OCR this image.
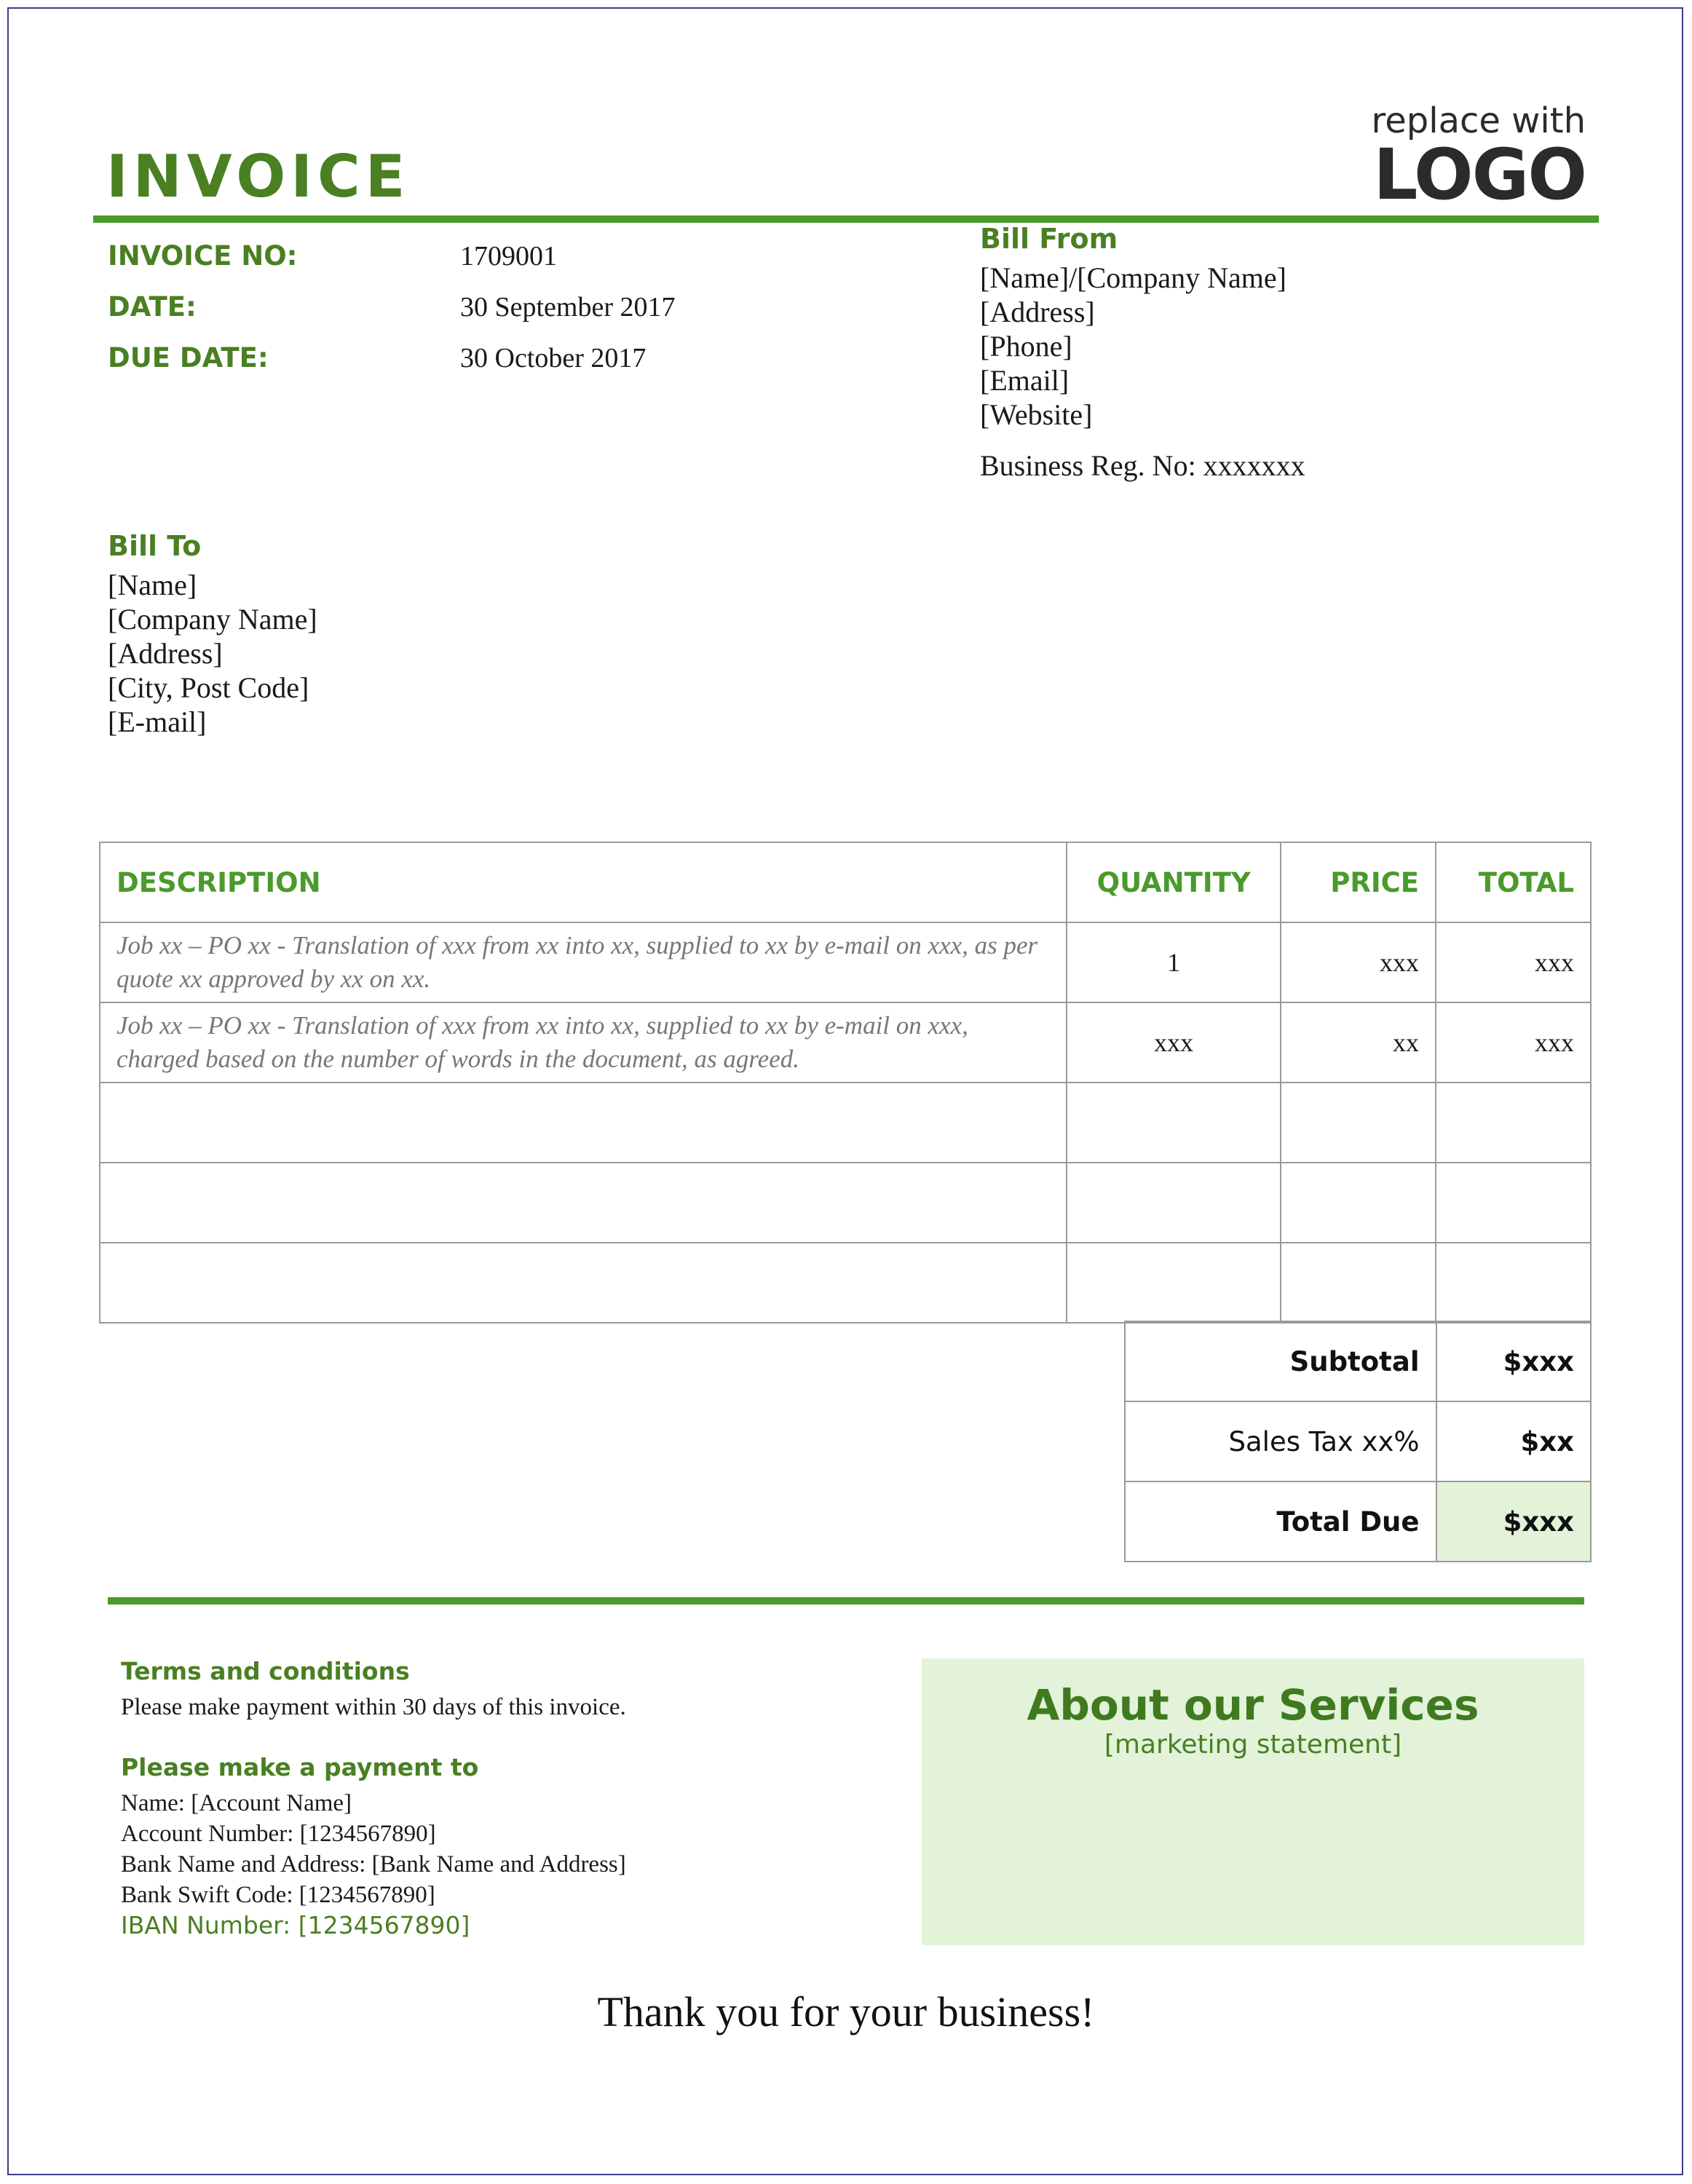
INVOICE
replace with
LOGO
INVOICE NO:	1709001
DATE:	30 September 2017
DUE DATE:	30 October 2017
Bill From
[Name]/[Company Name]
[Address]
[Phone]
[Email]
[Website]
Business Reg. No: xxxxxxx
Bill To
[Name]
[Company Name]
[Address]
[City, Post Code]
[E-mail]
DESCRIPTION	QUANTITY	PRICE	TOTAL
Job xx – PO xx - Translation of xxx from xx into xx, supplied to xx by e-mail on xxx, as per quote xx approved by xx on xx.	1	xxx	xxx
Job xx – PO xx - Translation of xxx from xx into xx, supplied to xx by e-mail on xxx, charged based on the number of words in the document, as agreed.	xxx	xx	xxx

Subtotal	$xxx
Sales Tax xx%	$xx
Total Due	$xxx
Terms and conditions
Please make payment within 30 days of this invoice.
Please make a payment to
Name: [Account Name]
Account Number: [1234567890]
Bank Name and Address: [Bank Name and Address]
Bank Swift Code: [1234567890]
IBAN Number: [1234567890]
About our Services
[marketing statement]
Thank you for your business!
